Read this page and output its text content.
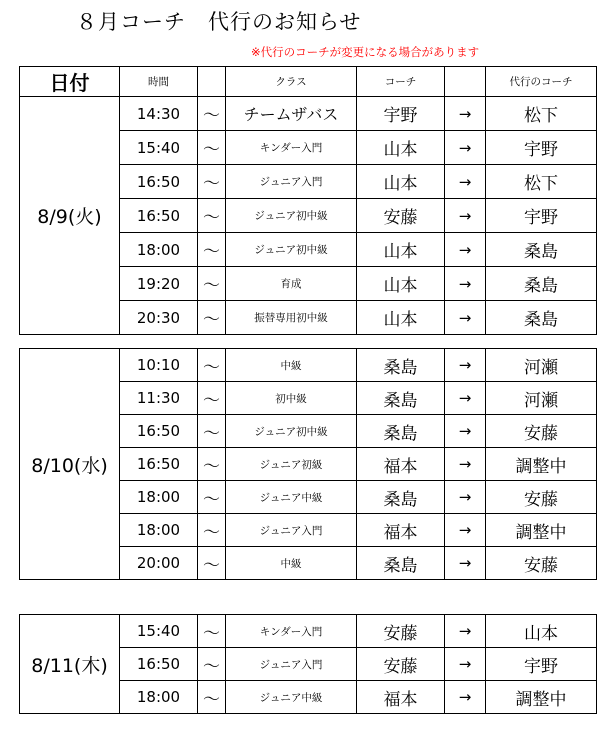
８月コーチ　代行のお知らせ
※代行のコーチが変更になる場合があります
日付	時間		クラス	コーチ		代行のコーチ
8/9(火)	14:30	〜	チームザバス	宇野	→	松下
	15:40	〜	キンダー入門	山本	→	宇野
	16:50	〜	ジュニア入門	山本	→	松下
	16:50	〜	ジュニア初中級	安藤	→	宇野
	18:00	〜	ジュニア初中級	山本	→	桑島
	19:20	〜	育成	山本	→	桑島
	20:30	〜	振替専用初中級	山本	→	桑島
8/10(水)	10:10	〜	中級	桑島	→	河瀬
	11:30	〜	初中級	桑島	→	河瀬
	16:50	〜	ジュニア初中級	桑島	→	安藤
	16:50	〜	ジュニア初級	福本	→	調整中
	18:00	〜	ジュニア中級	桑島	→	安藤
	18:00	〜	ジュニア入門	福本	→	調整中
	20:00	〜	中級	桑島	→	安藤
8/11(木)	15:40	〜	キンダー入門	安藤	→	山本
	16:50	〜	ジュニア入門	安藤	→	宇野
	18:00	〜	ジュニア中級	福本	→	調整中
